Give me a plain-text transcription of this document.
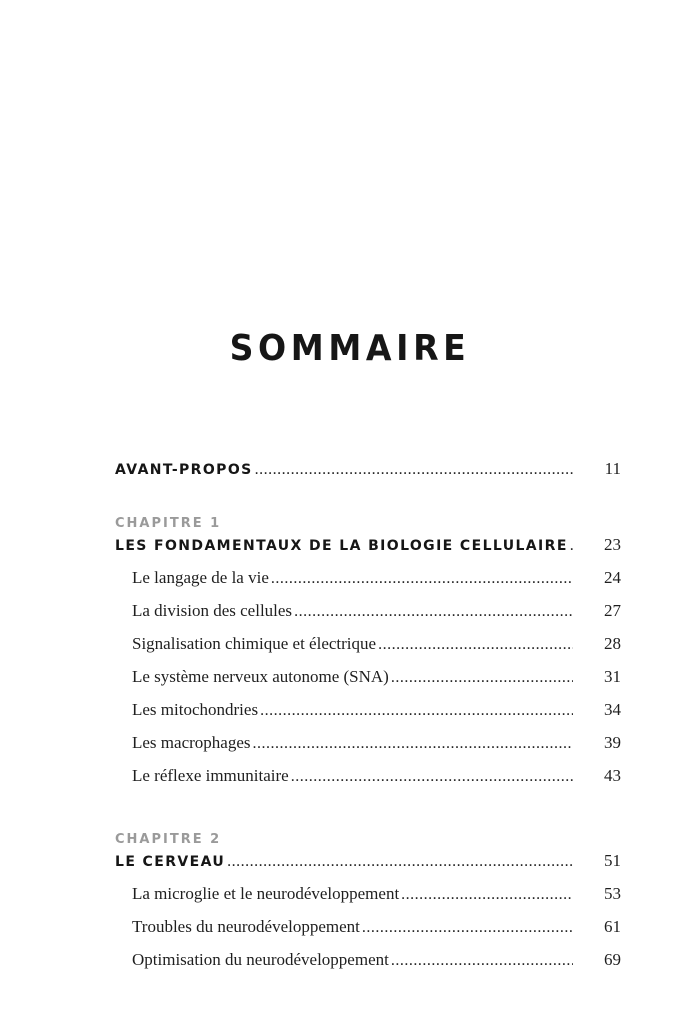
SOMMAIRE
AVANT-PROPOS .....	11
CHAPITRE 1
LES FONDAMENTAUX DE LA BIOLOGIE CELLULAIRE ..... 23
Le langage de la vie .....	24
La division des cellules .....	27
Signalisation chimique et électrique .....	28
Le système nerveux autonome (SNA) .....	31
Les mitochondries .....	34
Les macrophages .....	39
Le réflexe immunitaire .....	43
CHAPITRE 2
LE CERVEAU .....	51
La microglie et le neurodéveloppement .....	53
Troubles du neurodéveloppement .....	61
Optimisation du neurodéveloppement .....	69
